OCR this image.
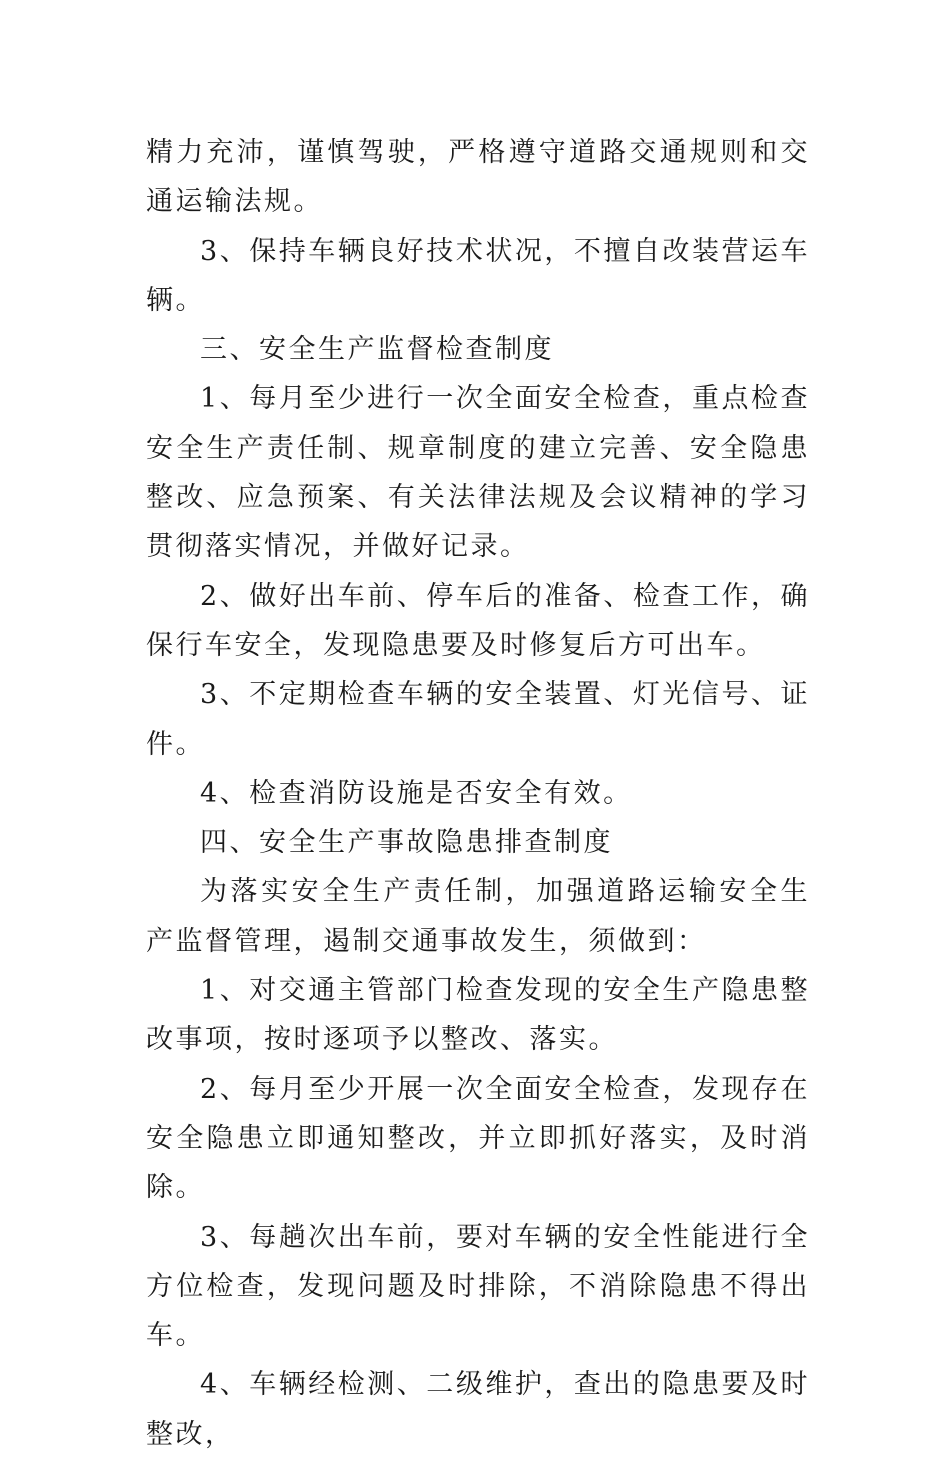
精力充沛，谨慎驾驶，严格遵守道路交通规则和交通运输法规。

3、保持车辆良好技术状况，不擅自改装营运车辆。

三、安全生产监督检查制度

1、每月至少进行一次全面安全检查，重点检查安全生产责任制、规章制度的建立完善、安全隐患整改、应急预案、有关法律法规及会议精神的学习贯彻落实情况，并做好记录。

2、做好出车前、停车后的准备、检查工作，确保行车安全，发现隐患要及时修复后方可出车。

3、不定期检查车辆的安全装置、灯光信号、证件。

4、检查消防设施是否安全有效。

四、安全生产事故隐患排查制度

为落实安全生产责任制，加强道路运输安全生产监督管理，遏制交通事故发生，须做到：

1、对交通主管部门检查发现的安全生产隐患整改事项，按时逐项予以整改、落实。

2、每月至少开展一次全面安全检查，发现存在安全隐患立即通知整改，并立即抓好落实，及时消除。

3、每趟次出车前，要对车辆的安全性能进行全方位检查，发现问题及时排除，不消除隐患不得出车。

4、车辆经检测、二级维护，查出的隐患要及时整改，
